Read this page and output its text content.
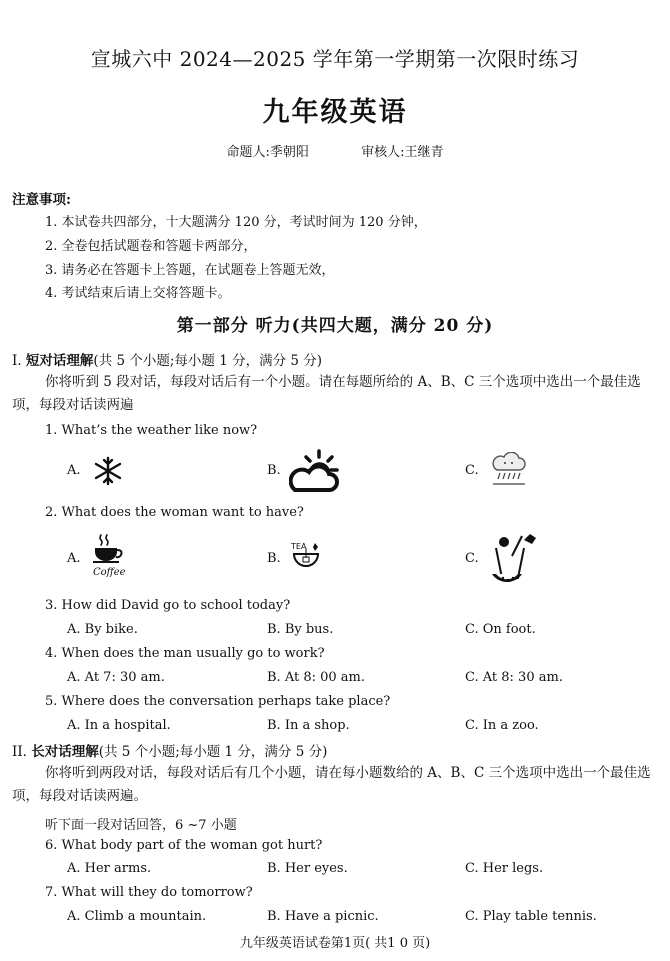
宣城六中 2024—2025 学年第一学期第一次限时练习
九年级英语
命题人:季朝阳	审核人:王继青
注意事项:
1. 本试卷共四部分，十大题满分 120 分，考试时间为 120 分钟，
2. 全卷包括试题卷和答题卡两部分，
3. 请务必在答题卡上答题，在试题卷上答题无效，
4. 考试结束后请上交将答题卡。
第一部分 听力(共四大题，满分 20 分)
I. 短对话理解(共 5 个小题;每小题 1 分，满分 5 分)
你将听到 5 段对话，每段对话后有一个小题。请在每题所给的 A、B、C 三个选项中选出一个最佳选项，每段对话读两遍
1. What’s the weather like now?
A.	B.	C.
2. What does the woman want to have?
A.	B.	C.
Coffee
TEA
3. How did David go to school today?
A. By bike.	B. By bus.	C. On foot.
4. When does the man usually go to work?
A. At 7: 30 am.	B. At 8: 00 am.	C. At 8: 30 am.
5. Where does the conversation perhaps take place?
A. In a hospital.	B. In a shop.	C. In a zoo.
II. 长对话理解(共 5 个小题;每小题 1 分，满分 5 分)
你将听到两段对话，每段对话后有几个小题，请在每小题数给的 A、B、C 三个选项中选出一个最佳选项，每段对话读两遍。
听下面一段对话回答，6 ~7 小题
6. What body part of the woman got hurt?
A. Her arms.	B. Her eyes.	C. Her legs.
7. What will they do tomorrow?
A. Climb a mountain.	B. Have a picnic.	C. Play table tennis.
九年级英语试卷第1页( 共1 0 页)
